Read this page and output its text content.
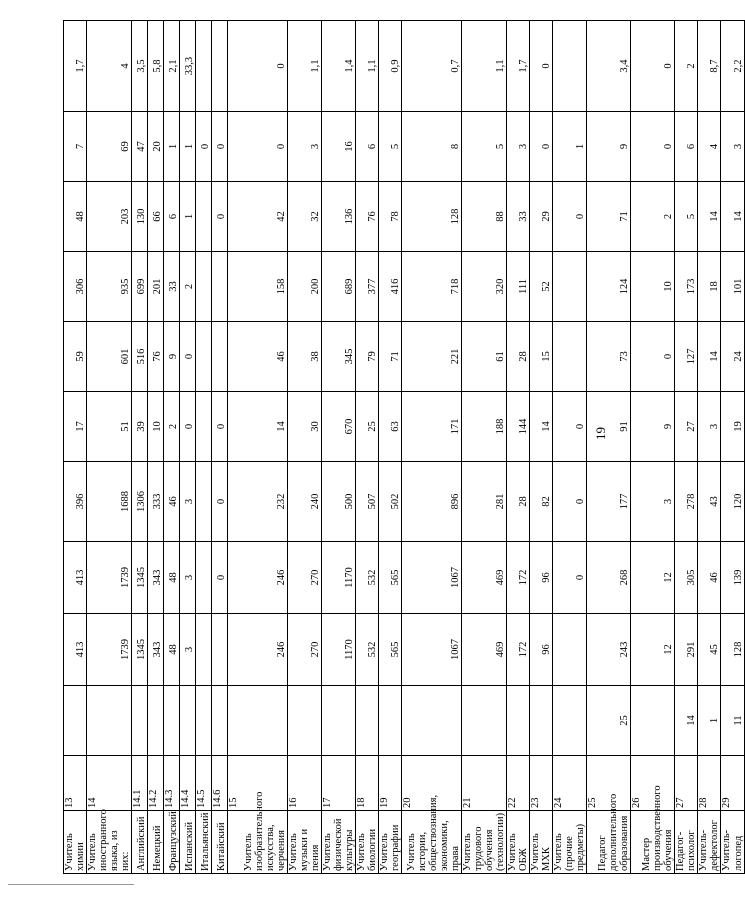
19
Учитель химии	13		413	413	396	17	59	306	48	7	1,7
Учитель иностранного языка, из них:	14		1739	1739	1688	51	601	935	203	69	4
Английский	14.1		1345	1345	1306	39	516	699	130	47	3,5
Немецкий	14.2		343	343	333	10	76	201	66	20	5,8
Французский	14.3		48	48	46	2	9	33	6	1	2,1
Испанский	14.4		3	3	3	0	0	2	1	1	33,3
Итальянский	14.5									0	
Китайский	14.6			0	0	0			0	0	
Учитель изобразительного искусства, черчения	15		246	246	232	14	46	158	42	0	0
Учитель музыки и пения	16		270	270	240	30	38	200	32	3	1,1
Учитель физической культуры	17		1170	1170	500	670	345	689	136	16	1,4
Учитель биологии	18		532	532	507	25	79	377	76	6	1,1
Учитель географии	19		565	565	502	63	71	416	78	5	0,9
Учитель истории, обществознания, экономики, права	20		1067	1067	896	171	221	718	128	8	0,7
Учитель трудового обучения (технологии)	21		469	469	281	188	61	320	88	5	1,1
Учитель ОБЖ	22		172	172	28	144	28	111	33	3	1,7
Учитель МХК	23		96	96	82	14	15	52	29	0	0
Учитель (прочие предметы)	24			0	0	0			0	1	
Педагог дополнительного образования	25	25	243	268	177	91	73	124	71	9	3,4
Мастер производственного обучения	26		12	12	3	9	0	10	2	0	0
Педагог-психолог	27	14	291	305	278	27	127	173	5	6	2
Учитель-дефектолог	28	1	45	46	43	3	14	18	14	4	8,7
Учитель-логопед	29	11	128	139	120	19	24	101	14	3	2,2
